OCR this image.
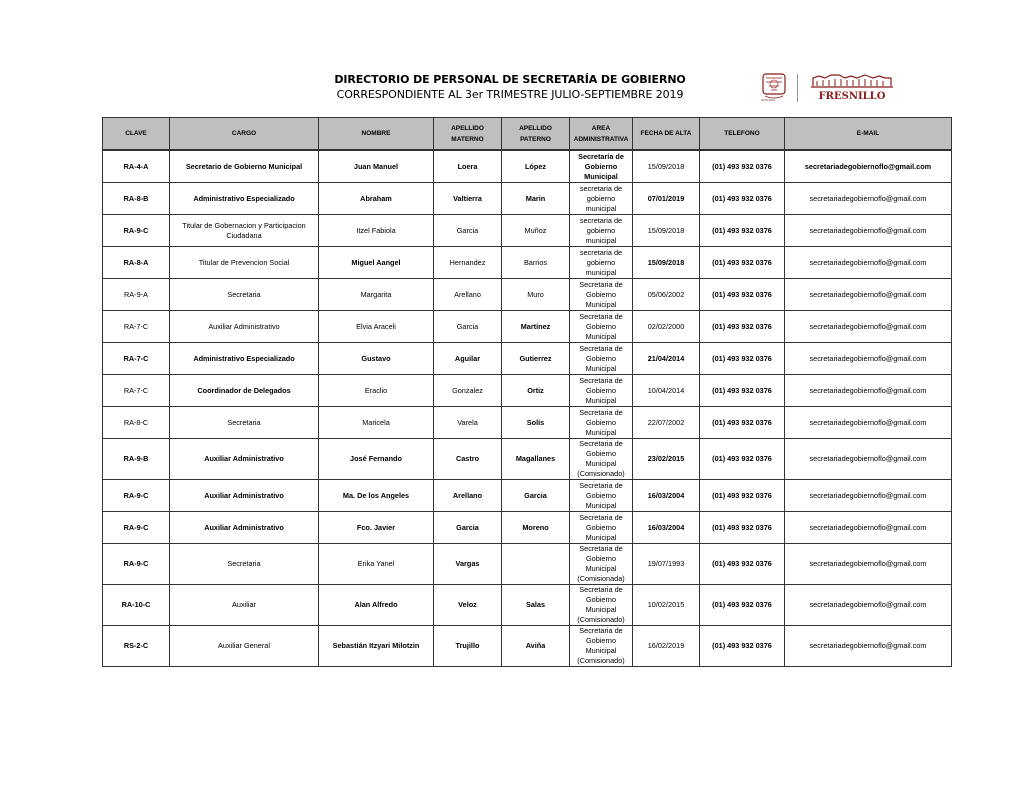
DIRECTORIO DE PERSONAL DE SECRETARÍA DE GOBIERNO
CORRESPONDIENTE AL 3er TRIMESTRE JULIO-SEPTIEMBRE 2019	2019-2021	FRESNILLO
CLAVE	CARGO	NOMBRE	APELLIDO MATERNO	APELLIDO PATERNO	AREA ADMINISTRATIVA	FECHA DE ALTA	TELEFONO	E-MAIL

RA-4-A	Secretario de Gobierno Municipal	Juan Manuel	Loera	López	Secretaría de Gobierno Municipal	15/09/2018	(01) 493 932 0376	secretariadegobiernoflo@gmail.com
RA-8-B	Administrativo Especializado	Abraham	Valtierra	Marin	secretaria de gobierno municipal	07/01/2019	(01) 493 932 0376	secretariadegobiernoflo@gmail.com
RA-9-C	Titular de Gobernacion y Participacion Ciudadana	Itzel Fabiola	Garcia	Muñoz	secretaria de gobierno municipal	15/09/2018	(01) 493 932 0376	secretariadegobiernoflo@gmail.com
RA-8-A	Titular de Prevencion Social	Miguel Aangel	Hernandez	Barrios	secretaria de gobierno municipal	15/09/2018	(01) 493 932 0376	secretariadegobiernoflo@gmail.com
RA-9-A	Secretaria	Margarita	Arellano	Muro	Secretaria de Gobierno Municipal	05/06/2002	(01) 493 932 0376	secretariadegobiernoflo@gmail.com
RA-7-C	Auxiliar Administrativo	Elvia Araceli	Garcia	Martínez	Secretaria de Gobierno Municipal	02/02/2000	(01) 493 932 0376	secretariadegobiernoflo@gmail.com
RA-7-C	Administrativo Especializado	Gustavo	Aguilar	Gutierrez	Secretaria de Gobierno Municipal	21/04/2014	(01) 493 932 0376	secretariadegobiernoflo@gmail.com
RA-7-C	Coordinador de Delegados	Eraclio	Gonzalez	Ortiz	Secretaria de Gobierno Municipal	10/04/2014	(01) 493 932 0376	secretariadegobiernoflo@gmail.com
RA-8-C	Secretaria	Maricela	Varela	Solís	Secretaria de Gobierno Municipal	22/07/2002	(01) 493 932 0376	secretariadegobiernoflo@gmail.com
RA-9-B	Auxiliar Administrativo	José Fernando	Castro	Magallanes	Secretaria de Gobierno Municipal (Comisionado)	23/02/2015	(01) 493 932 0376	secretariadegobiernoflo@gmail.com
RA-9-C	Auxiliar Administrativo	Ma. De los Angeles	Arellano	Garcia	Secretaria de Gobierno Municipal	16/03/2004	(01) 493 932 0376	secretariadegobiernoflo@gmail.com
RA-9-C	Auxiliar Administrativo	Fco. Javier	Garcia	Moreno	Secretaria de Gobierno Municipal	16/03/2004	(01) 493 932 0376	secretariadegobiernoflo@gmail.com
RA-9-C	Secretaria	Erika Yanel	Vargas		Secretaria de Gobierno Municipal (Comisionada)	19/07/1993	(01) 493 932 0376	secretariadegobiernoflo@gmail.com
RA-10-C	Auxiliar	Alan Alfredo	Veloz	Salas	Secretaria de Gobierno Municipal (Comisionado)	10/02/2015	(01) 493 932 0376	secretariadegobiernoflo@gmail.com
RS-2-C	Auxiliar General	Sebastián Itzyari Milotzin	Trujillo	Aviña	Secretaria de Gobierno Municipal (Comisionado)	16/02/2019	(01) 493 932 0376	secretariadegobiernoflo@gmail.com
